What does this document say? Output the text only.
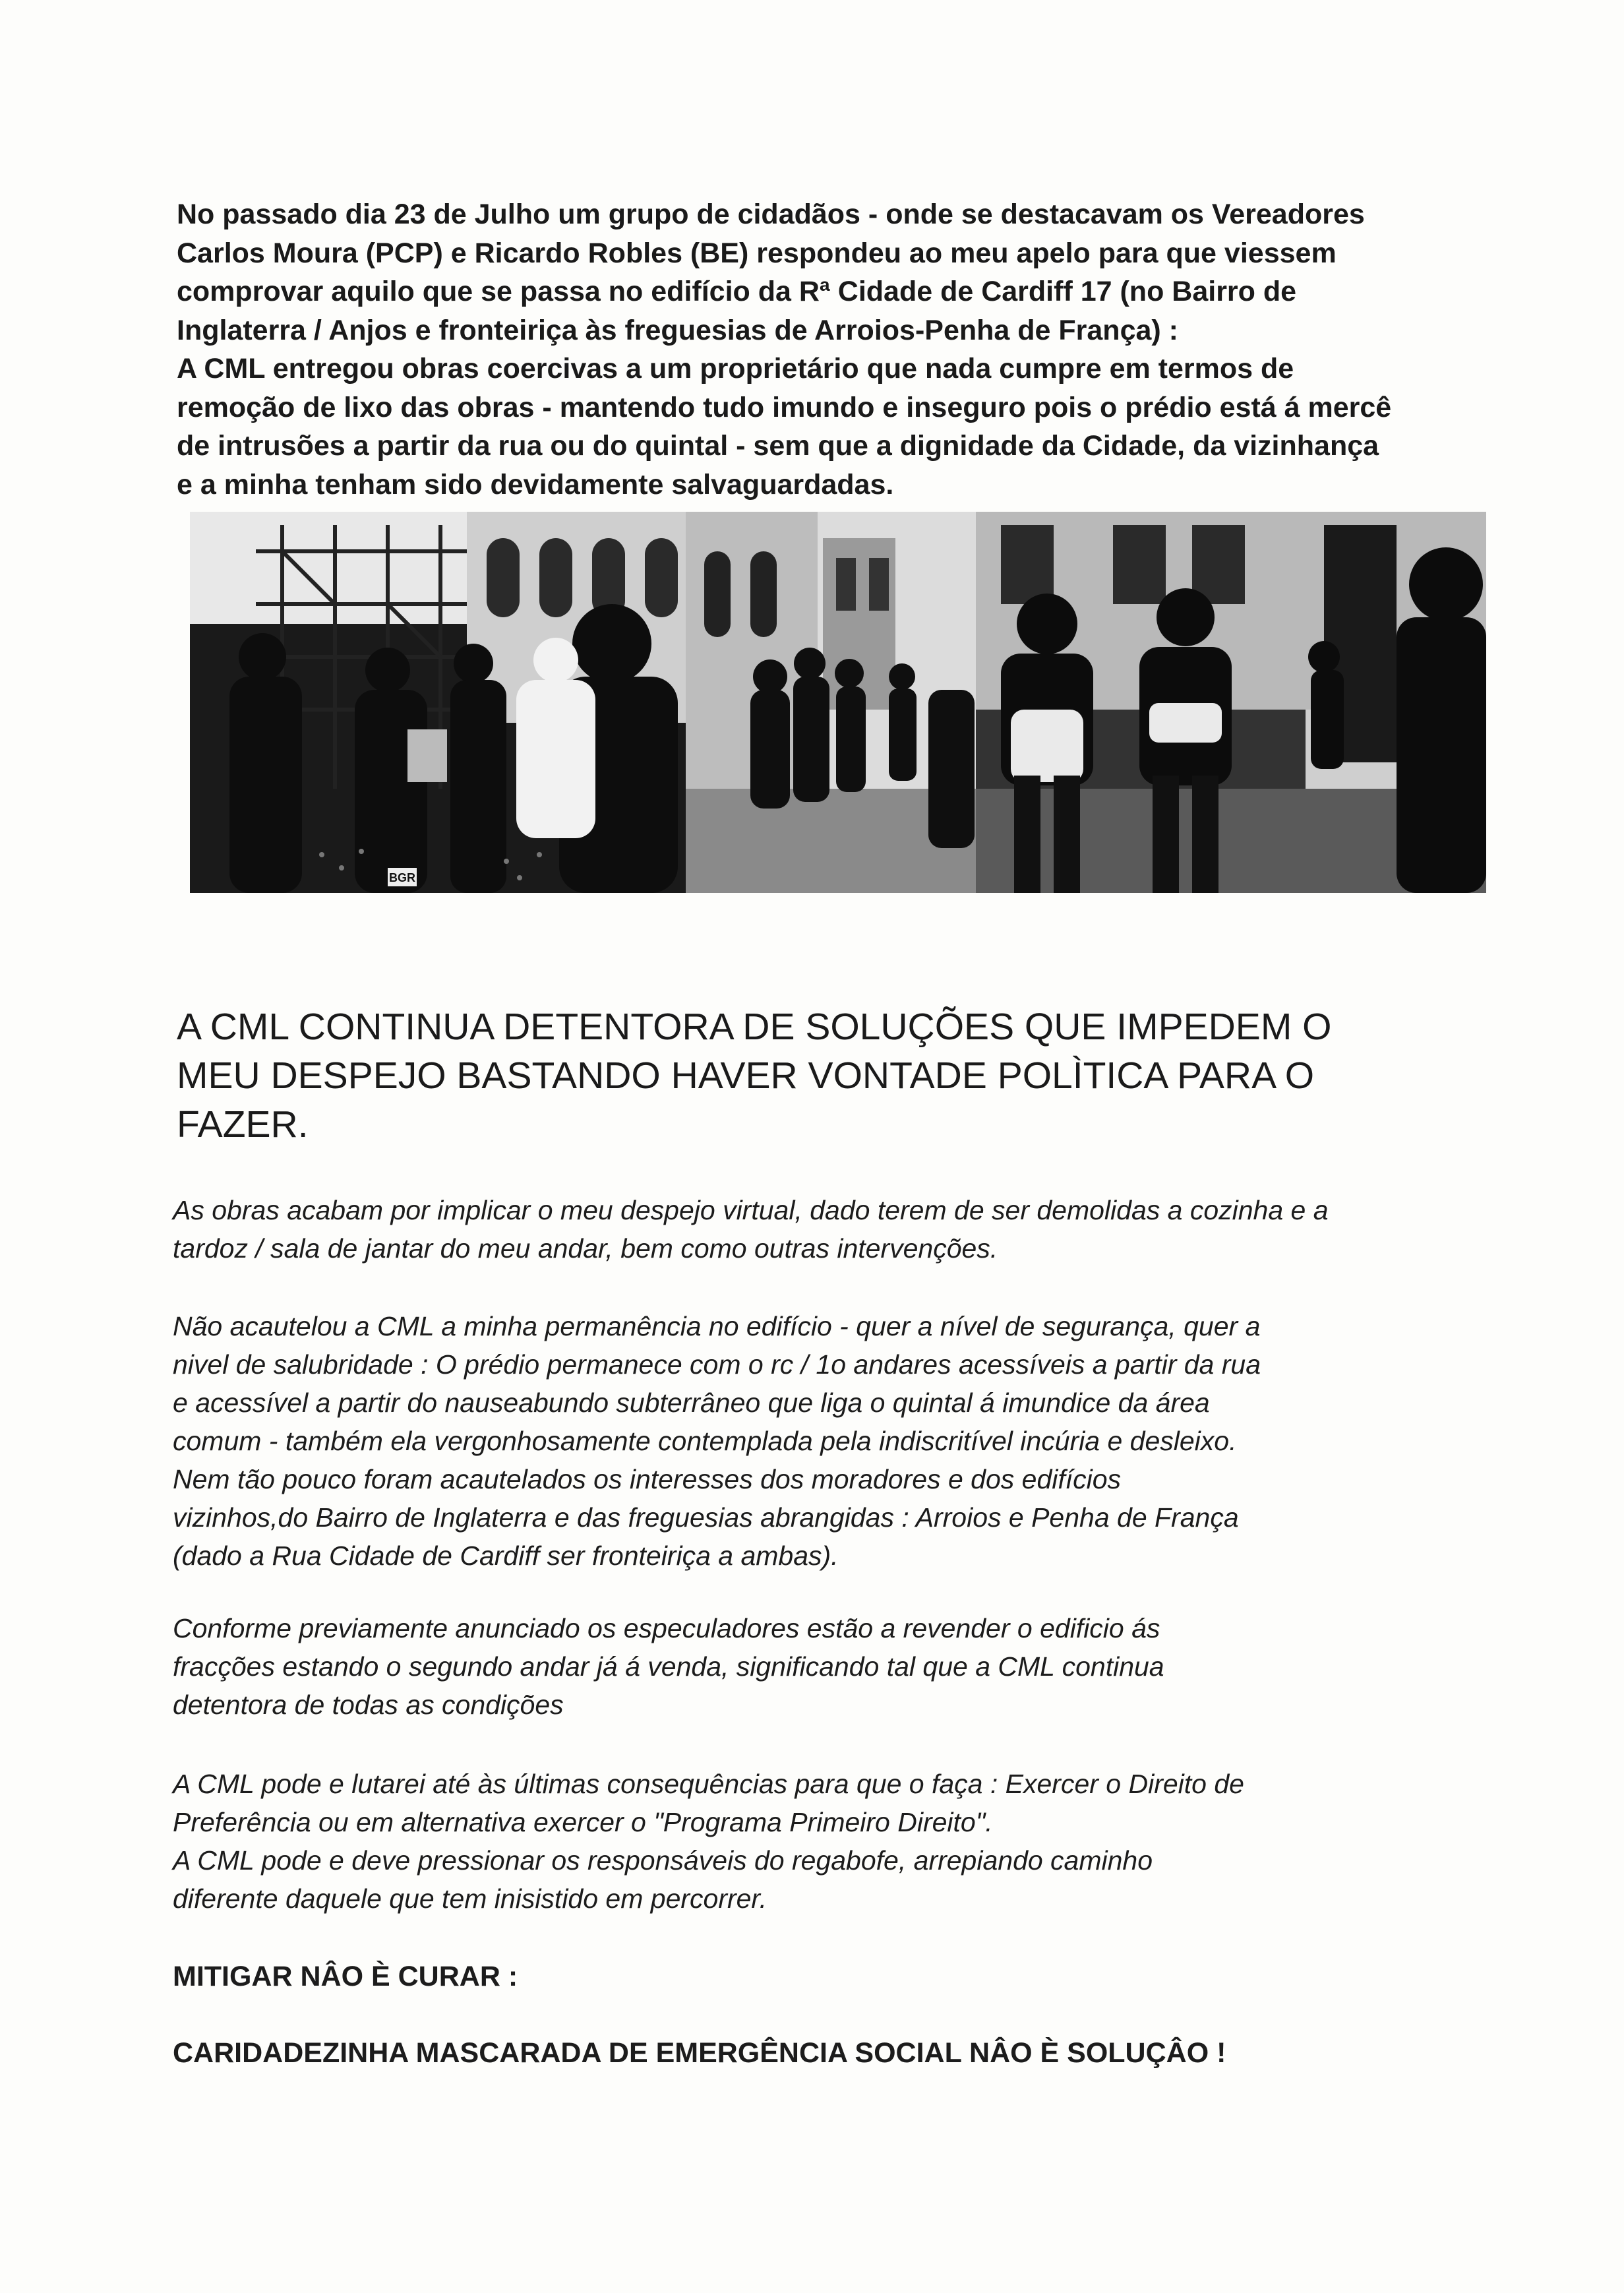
No passado dia 23 de Julho um grupo de cidadãos - onde se destacavam os Vereadores
Carlos Moura (PCP) e Ricardo Robles (BE) respondeu ao meu apelo para que viessem
comprovar aquilo que se passa no edifício da Rª Cidade de Cardiff 17 (no Bairro de
Inglaterra / Anjos e fronteiriça às freguesias de Arroios-Penha de França) :
A CML entregou obras coercivas a um proprietário que nada cumpre em termos de
remoção de lixo das obras - mantendo tudo imundo e inseguro pois o prédio está á mercê
de intrusões a partir da rua ou do quintal - sem que a dignidade da Cidade, da vizinhança
e a minha tenham sido devidamente salvaguardadas.
BGR
A CML CONTINUA DETENTORA DE SOLUÇÕES QUE IMPEDEM O
MEU DESPEJO BASTANDO HAVER VONTADE POLÌTICA PARA O
FAZER.
As obras acabam por implicar o meu despejo virtual, dado terem de ser demolidas a cozinha e a
tardoz / sala de jantar do meu andar, bem como outras intervenções.
Não acautelou a CML a minha permanência no edifício - quer a nível de segurança, quer a
nivel de salubridade : O prédio permanece com o rc / 1o andares acessíveis a partir da rua
e acessível a partir do nauseabundo subterrâneo que liga o quintal á imundice da área
comum - também ela vergonhosamente contemplada pela indiscritível incúria e desleixo.
Nem tão pouco foram acautelados os interesses dos moradores e dos edifícios
vizinhos,do Bairro de Inglaterra e das freguesias abrangidas : Arroios e Penha de França
(dado a Rua Cidade de Cardiff ser fronteiriça a ambas).
Conforme previamente anunciado os especuladores estão a revender o edificio ás
fracções estando o segundo andar já á venda, significando tal que a CML continua
detentora de todas as condições
A CML pode e lutarei até às últimas consequências para que o faça : Exercer o Direito de
Preferência ou em alternativa exercer o "Programa Primeiro Direito".
A CML pode e deve pressionar os responsáveis do regabofe, arrepiando caminho
diferente daquele que tem inisistido em percorrer.
MITIGAR NÂO È CURAR :
CARIDADEZINHA MASCARADA DE EMERGÊNCIA SOCIAL NÂO È SOLUÇÂO !
